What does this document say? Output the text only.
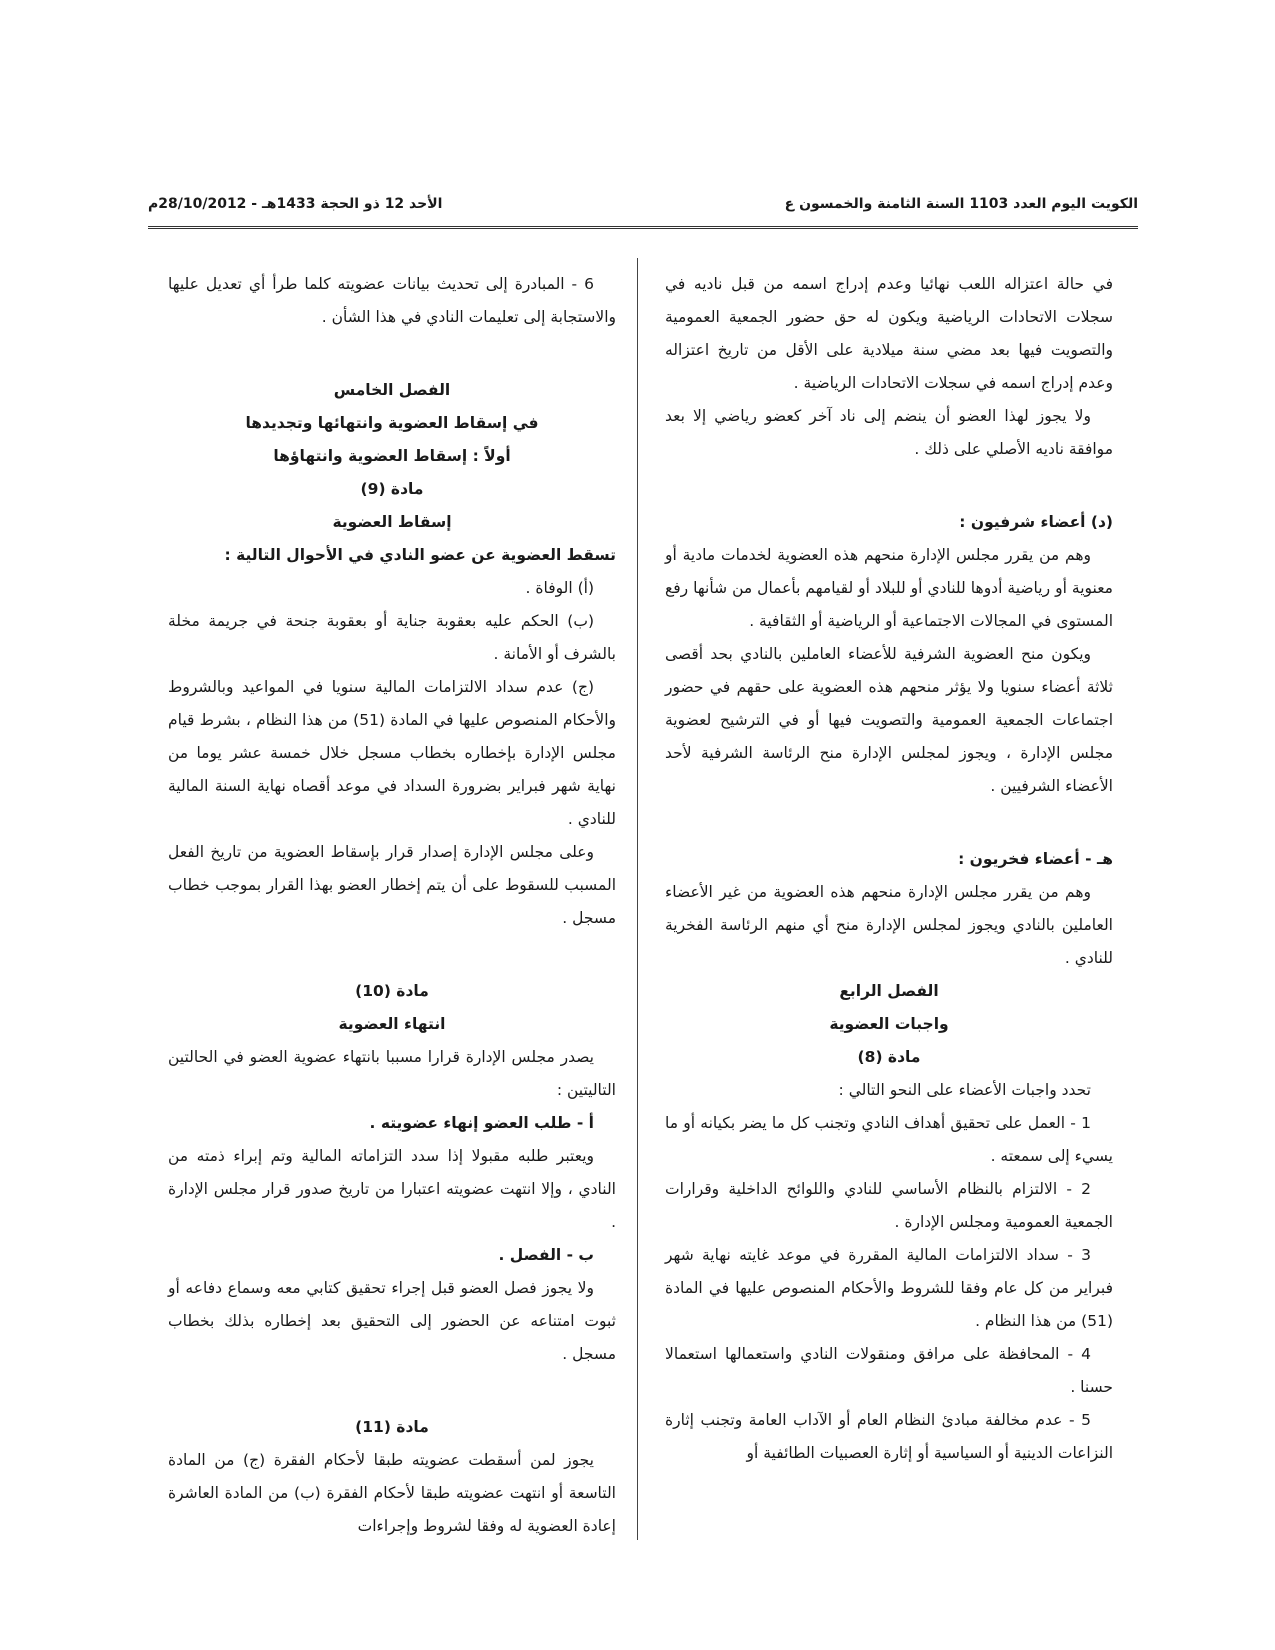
الكويت اليوم العدد 1103 السنة الثامنة والخمسون ع
الأحد 12 ذو الحجة 1433هـ - 28/10/2012م

في حالة اعتزاله اللعب نهائيا وعدم إدراج اسمه من قبل ناديه في سجلات الاتحادات الرياضية ويكون له حق حضور الجمعية العمومية والتصويت فيها بعد مضي سنة ميلادية على الأقل من تاريخ اعتزاله وعدم إدراج اسمه في سجلات الاتحادات الرياضية .

ولا يجوز لهذا العضو أن ينضم إلى ناد آخر كعضو رياضي إلا بعد موافقة ناديه الأصلي على ذلك .

(د) أعضاء شرفيون :

وهم من يقرر مجلس الإدارة منحهم هذه العضوية لخدمات مادية أو معنوية أو رياضية أدوها للنادي أو للبلاد أو لقيامهم بأعمال من شأنها رفع المستوى في المجالات الاجتماعية أو الرياضية أو الثقافية .

ويكون منح العضوية الشرفية للأعضاء العاملين بالنادي بحد أقصى ثلاثة أعضاء سنويا ولا يؤثر منحهم هذه العضوية على حقهم في حضور اجتماعات الجمعية العمومية والتصويت فيها أو في الترشيح لعضوية مجلس الإدارة ، ويجوز لمجلس الإدارة منح الرئاسة الشرفية لأحد الأعضاء الشرفيين .

هـ - أعضاء فخريون :

وهم من يقرر مجلس الإدارة منحهم هذه العضوية من غير الأعضاء العاملين بالنادي ويجوز لمجلس الإدارة منح أي منهم الرئاسة الفخرية للنادي .

الفصل الرابع

واجبات العضوية

مادة (8)

تحدد واجبات الأعضاء على النحو التالي :

1 - العمل على تحقيق أهداف النادي وتجنب كل ما يضر بكيانه أو ما يسيء إلى سمعته .

2 - الالتزام بالنظام الأساسي للنادي واللوائح الداخلية وقرارات الجمعية العمومية ومجلس الإدارة .

3 - سداد الالتزامات المالية المقررة في موعد غايته نهاية شهر فبراير من كل عام وفقا للشروط والأحكام المنصوص عليها في المادة (51) من هذا النظام .

4 - المحافظة على مرافق ومنقولات النادي واستعمالها استعمالا حسنا .

5 - عدم مخالفة مبادئ النظام العام أو الآداب العامة وتجنب إثارة النزاعات الدينية أو السياسية أو إثارة العصبيات الطائفية أو

6 - المبادرة إلى تحديث بيانات عضويته كلما طرأ أي تعديل عليها والاستجابة إلى تعليمات النادي في هذا الشأن .

الفصل الخامس

في إسقاط العضوية وانتهائها وتجديدها

أولاً : إسقاط العضوية وانتهاؤها

مادة (9)

إسقاط العضوية

تسقط العضوية عن عضو النادي في الأحوال التالية :

(أ) الوفاة .

(ب) الحكم عليه بعقوبة جناية أو بعقوبة جنحة في جريمة مخلة بالشرف أو الأمانة .

(ج) عدم سداد الالتزامات المالية سنويا في المواعيد وبالشروط والأحكام المنصوص عليها في المادة (51) من هذا النظام ، بشرط قيام مجلس الإدارة بإخطاره بخطاب مسجل خلال خمسة عشر يوما من نهاية شهر فبراير بضرورة السداد في موعد أقصاه نهاية السنة المالية للنادي .

وعلى مجلس الإدارة إصدار قرار بإسقاط العضوية من تاريخ الفعل المسبب للسقوط على أن يتم إخطار العضو بهذا القرار بموجب خطاب مسجل .

مادة (10)

انتهاء العضوية

يصدر مجلس الإدارة قرارا مسببا بانتهاء عضوية العضو في الحالتين التاليتين :

أ - طلب العضو إنهاء عضويته .

ويعتبر طلبه مقبولا إذا سدد التزاماته المالية وتم إبراء ذمته من النادي ، وإلا انتهت عضويته اعتبارا من تاريخ صدور قرار مجلس الإدارة .

ب - الفصل .

ولا يجوز فصل العضو قبل إجراء تحقيق كتابي معه وسماع دفاعه أو ثبوت امتناعه عن الحضور إلى التحقيق بعد إخطاره بذلك بخطاب مسجل .

مادة (11)

يجوز لمن أسقطت عضويته طبقا لأحكام الفقرة (ج) من المادة التاسعة أو انتهت عضويته طبقا لأحكام الفقرة (ب) من المادة العاشرة إعادة العضوية له وفقا لشروط وإجراءات
